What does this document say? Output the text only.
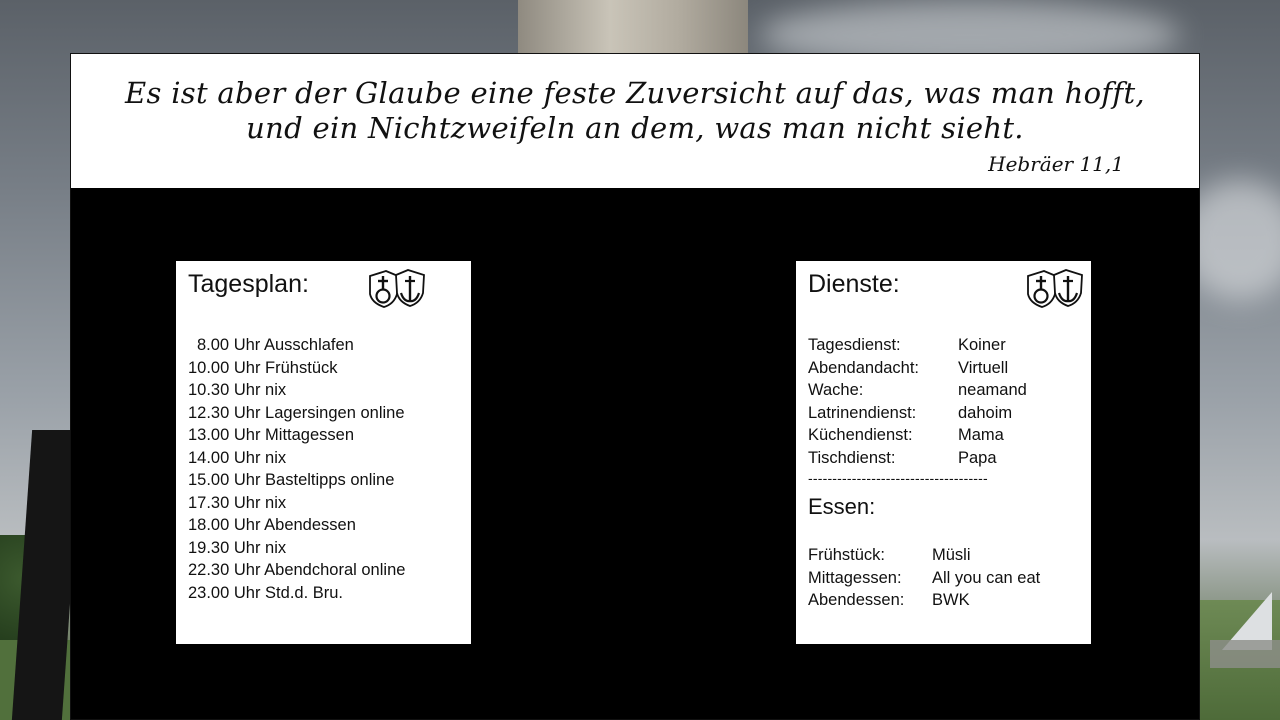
Es ist aber der Glaube eine feste Zuversicht auf das, was man hofft,
und ein Nichtzweifeln an dem, was man nicht sieht.
Hebräer 11,1
Tagesplan:
8.00 Uhr Ausschlafen
10.00 Uhr Frühstück
10.30 Uhr nix
12.30 Uhr Lagersingen online
13.00 Uhr Mittagessen
14.00 Uhr nix
15.00 Uhr Basteltipps online
17.30 Uhr nix
18.00 Uhr Abendessen
19.30 Uhr nix
22.30 Uhr Abendchoral online
23.00 Uhr Std.d. Bru.
Dienste:
Tagesdienst:	Koiner
Abendandacht: Virtuell
Wache:	neamand
Latrinendienst:	dahoim
Küchendienst:	Mama
Tischdienst:	Papa
-------------------------------------
Essen:
Frühstück:	Müsli
Mittagessen: All you can eat
Abendessen: BWK
